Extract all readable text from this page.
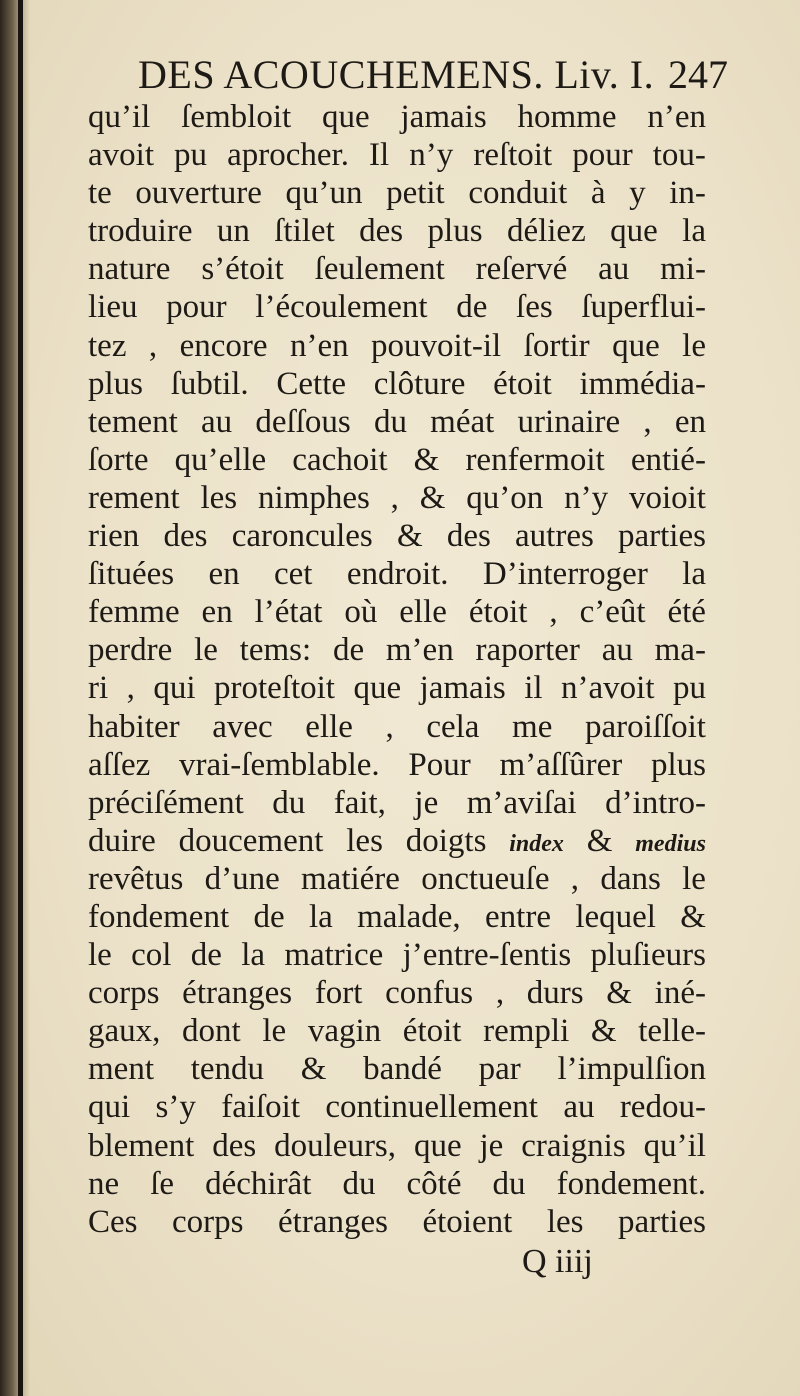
DES ACOUCHEMENS. Liv. I. 247
qu’il ſembloit que jamais homme n’en
avoit pu aprocher. Il n’y reſtoit pour tou-
te ouverture qu’un petit conduit à y in-
troduire un ſtilet des plus déliez que la
nature s’étoit ſeulement reſervé au mi-
lieu pour l’écoulement de ſes ſuperflui-
tez , encore n’en pouvoit-il ſortir que le
plus ſubtil. Cette clôture étoit immédia-
tement au deſſous du méat urinaire , en
ſorte qu’elle cachoit & renfermoit entié-
rement les nimphes , & qu’on n’y voioit
rien des caroncules & des autres parties
ſituées en cet endroit. D’interroger la
femme en l’état où elle étoit , c’eût été
perdre le tems: de m’en raporter au ma-
ri , qui proteſtoit que jamais il n’avoit pu
habiter avec elle , cela me paroiſſoit
aſſez vrai-ſemblable. Pour m’aſſûrer plus
préciſément du fait, je m’aviſai d’intro-
duire doucement les doigts index & medius
revêtus d’une matiére onctueuſe , dans le
fondement de la malade, entre lequel &
le col de la matrice j’entre-ſentis pluſieurs
corps étranges fort confus , durs & iné-
gaux, dont le vagin étoit rempli & telle-
ment tendu & bandé par l’impulſion
qui s’y faiſoit continuellement au redou-
blement des douleurs, que je craignis qu’il
ne ſe déchirât du côté du fondement.
Ces corps étranges étoient les parties
Q iiij
